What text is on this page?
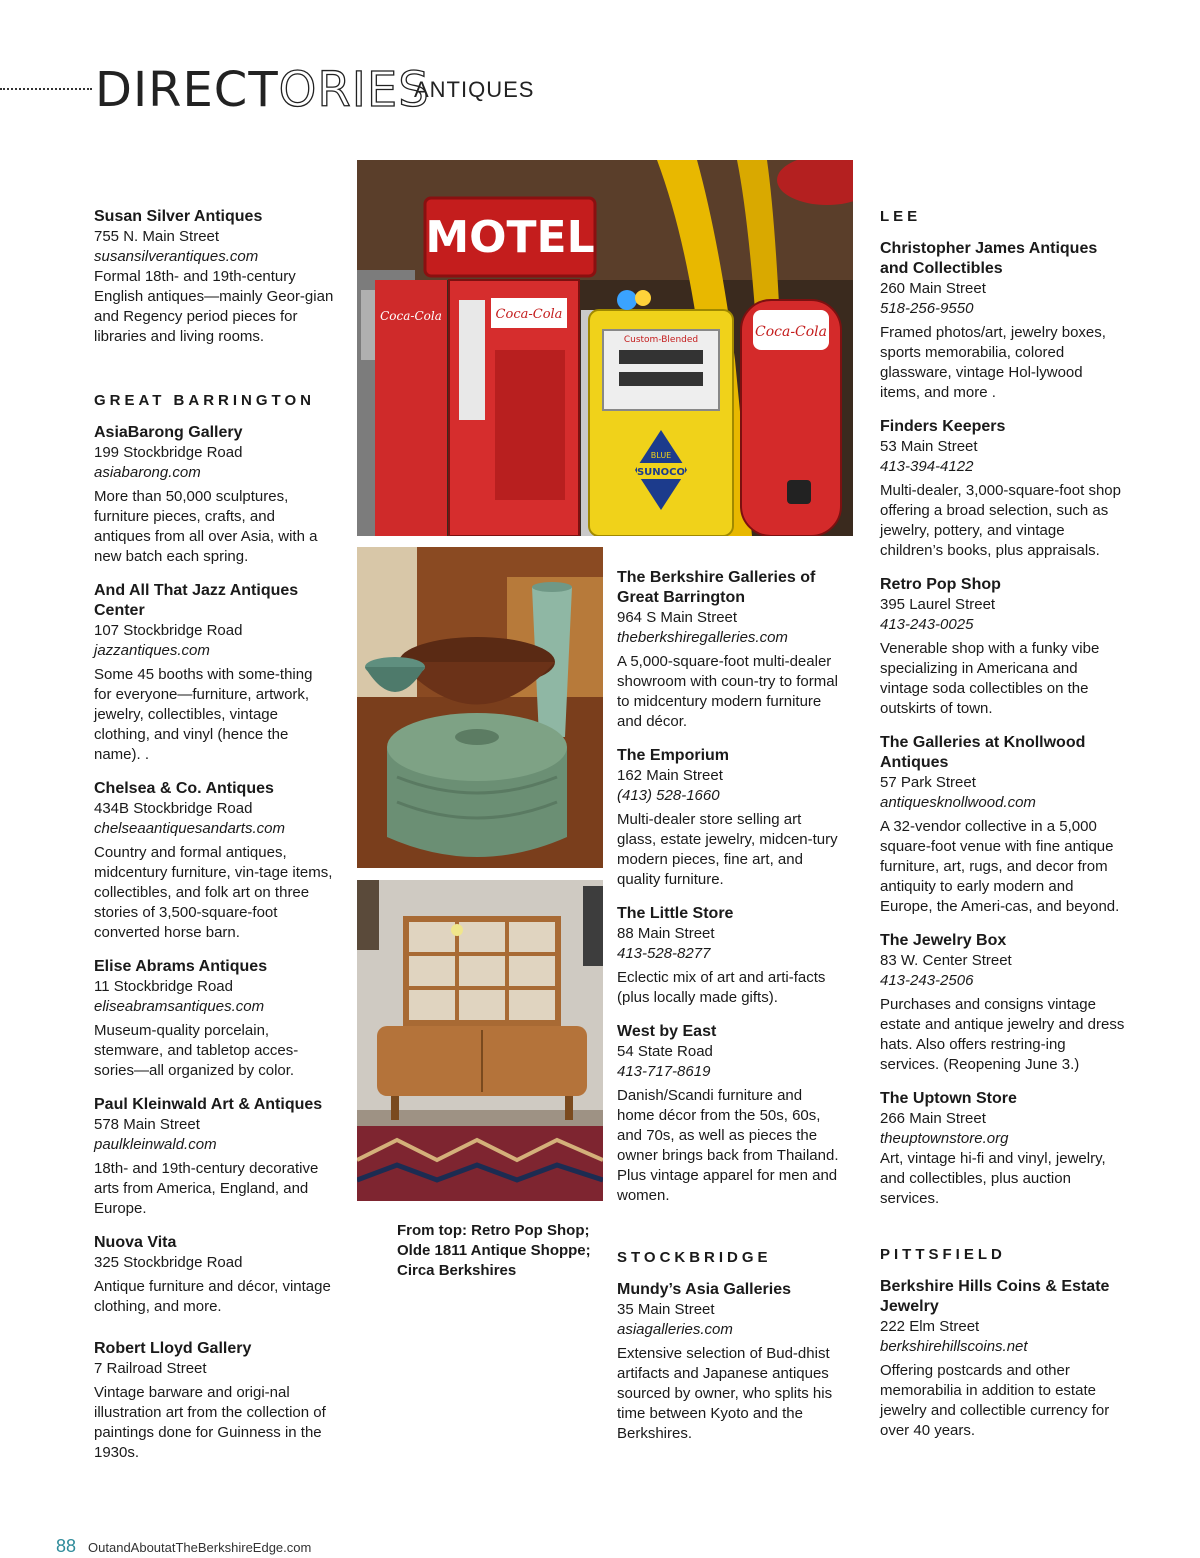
DIRECTORIES
ANTIQUES
Susan Silver Antiques
755 N. Main Street
susansilverantiques.com
Formal 18th- and 19th-century English antiques—mainly Geor-gian and Regency period pieces for libraries and living rooms.
GREAT BARRINGTON
AsiaBarong Gallery
199 Stockbridge Road
asiabarong.com
More than 50,000 sculptures, furniture pieces, crafts, and antiques from all over Asia, with a new batch each spring.
And All That Jazz Antiques Center
107 Stockbridge Road
jazzantiques.com
Some 45 booths with some-thing for everyone—furniture, artwork, jewelry, collectibles, vintage clothing, and vinyl (hence the name). .
Chelsea & Co. Antiques
434B Stockbridge Road
chelseaantiquesandarts.com
Country and formal antiques, midcentury furniture, vin-tage items, collectibles, and folk art on three stories of 3,500-square-foot converted horse barn.
Elise Abrams Antiques
11 Stockbridge Road
eliseabramsantiques.com
Museum-quality porcelain, stemware, and tabletop acces-sories—all organized by color.
Paul Kleinwald Art & Antiques
578 Main Street
paulkleinwald.com
18th- and 19th-century decorative arts from America, England, and Europe.
Nuova Vita
325 Stockbridge Road
Antique furniture and décor, vintage clothing, and more.
Robert Lloyd Gallery
7 Railroad Street
Vintage barware and origi-nal illustration art from the collection of paintings done for Guinness in the 1930s.
MOTEL
Coca-Cola	Coca-Cola
Custom-Blended
SUNOCO
BLUE
Coca-Cola
From top: Retro Pop Shop; Olde 1811 Antique Shoppe; Circa Berkshires
The Berkshire Galleries of Great Barrington
964 S Main Street
theberkshiregalleries.com
A 5,000-square-foot multi-dealer showroom with coun-try to formal to midcentury modern furniture and décor.
The Emporium
162 Main Street
(413) 528-1660
Multi-dealer store selling art glass, estate jewelry, midcen-tury modern pieces, fine art, and quality furniture.
The Little Store
88 Main Street
413-528-8277
Eclectic mix of art and arti-facts (plus locally made gifts).
West by East
54 State Road
413-717-8619
Danish/Scandi furniture and home décor from the 50s, 60s, and 70s, as well as pieces the owner brings back from Thailand. Plus vintage apparel for men and women.
STOCKBRIDGE
Mundy’s Asia Galleries
35 Main Street
asiagalleries.com
Extensive selection of Bud-dhist artifacts and Japanese antiques sourced by owner, who splits his time between Kyoto and the Berkshires.
LEE
Christopher James Antiques and Collectibles
260 Main Street
518-256-9550
Framed photos/art, jewelry boxes, sports memorabilia, colored glassware, vintage Hol-lywood items, and more .
Finders Keepers
53 Main Street
413-394-4122
Multi-dealer, 3,000-square-foot shop offering a broad selection, such as jewelry, pottery, and vintage children’s books, plus appraisals.
Retro Pop Shop
395 Laurel Street
413-243-0025
Venerable shop with a funky vibe specializing in Americana and vintage soda collectibles on the outskirts of town.
The Galleries at Knollwood Antiques
57 Park Street
antiquesknollwood.com
A 32-vendor collective in a 5,000 square-foot venue with fine antique furniture, art, rugs, and decor from antiquity to early modern and Europe, the Ameri-cas, and beyond.
The Jewelry Box
83 W. Center Street
413-243-2506
Purchases and consigns vintage estate and antique jewelry and dress hats. Also offers restring-ing services. (Reopening June 3.)
The Uptown Store
266 Main Street
theuptownstore.org
Art, vintage hi-fi and vinyl, jewelry, and collectibles, plus auction services.
PITTSFIELD
Berkshire Hills Coins & Estate Jewelry
222 Elm Street
berkshirehillscoins.net
Offering postcards and other memorabilia in addition to estate jewelry and collectible currency for over 40 years.
88 OutandAboutatTheBerkshireEdge.com
